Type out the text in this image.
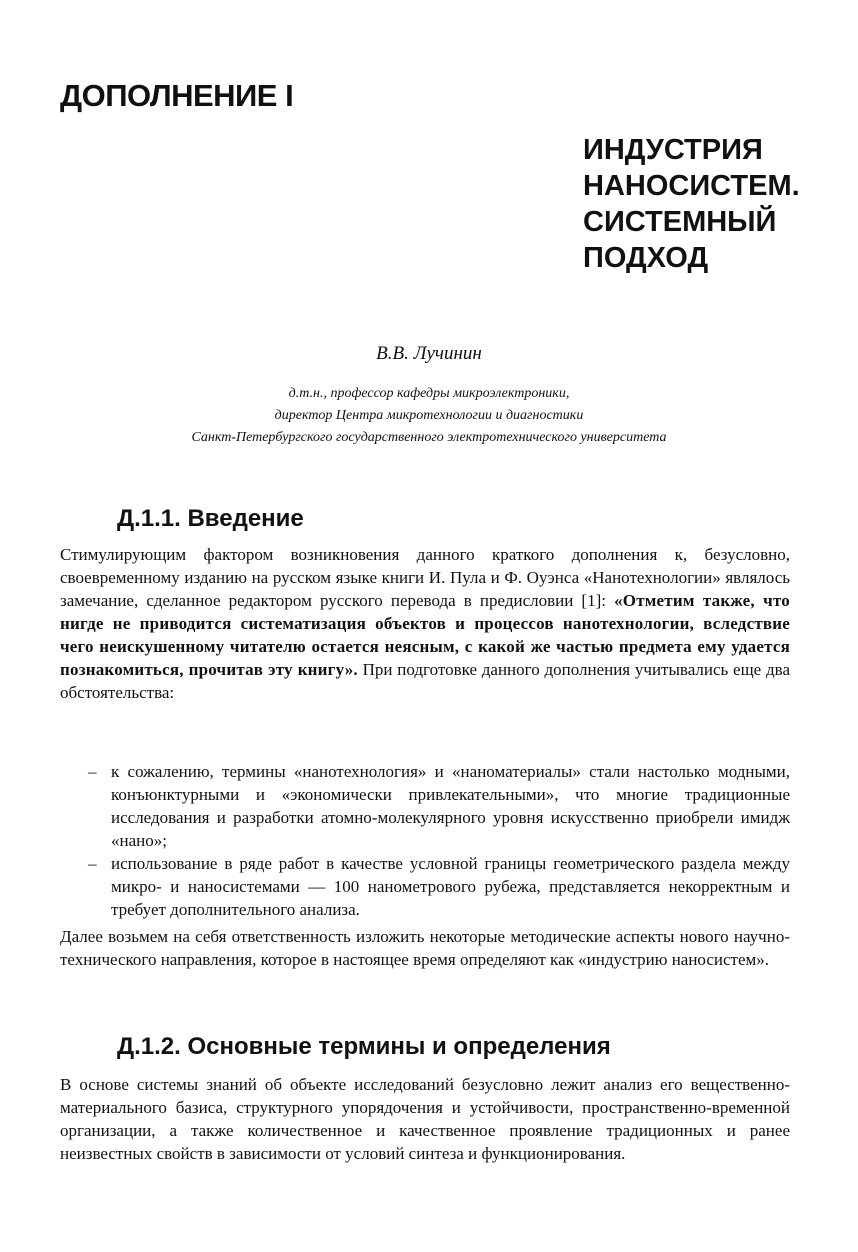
ДОПОЛНЕНИЕ I
ИНДУСТРИЯ
НАНОСИСТЕМ.
СИСТЕМНЫЙ
ПОДХОД
В.В. Лучинин
д.т.н., профессор кафедры микроэлектроники,
директор Центра микротехнологии и диагностики
Санкт-Петербургского государственного электротехнического университета
Д.1.1. Введение

Стимулирующим фактором возникновения данного краткого дополнения к, безусловно, своевременному изданию на русском языке книги И. Пула и Ф. Оуэнса «Нанотехнологии» являлось замечание, сделанное редактором русского перевода в предисловии [1]: «Отметим также, что нигде не приводится систематизация объектов и процессов нанотехнологии, вследствие чего неискушенному читателю остается неясным, с какой же частью предмета ему удается познакомиться, прочитав эту книгу». При подготовке данного дополнения учитывались еще два обстоятельства:

– к сожалению, термины «нанотехнология» и «наноматериалы» стали настолько модными, конъюнктурными и «экономически привлекательными», что многие традиционные исследования и разработки атомно-молекулярного уровня искусственно приобрели имидж «нано»;
– использование в ряде работ в качестве условной границы геометрического раздела между микро- и наносистемами — 100 нанометрового рубежа, представляется некорректным и требует дополнительного анализа.

Далее возьмем на себя ответственность изложить некоторые методические аспекты нового научно-технического направления, которое в настоящее время определяют как «индустрию наносистем».

Д.1.2. Основные термины и определения

В основе системы знаний об объекте исследований безусловно лежит анализ его вещественно-материального базиса, структурного упорядочения и устойчивости, пространственно-временной организации, а также количественное и качественное проявление традиционных и ранее неизвестных свойств в зависимости от условий синтеза и функционирования.
